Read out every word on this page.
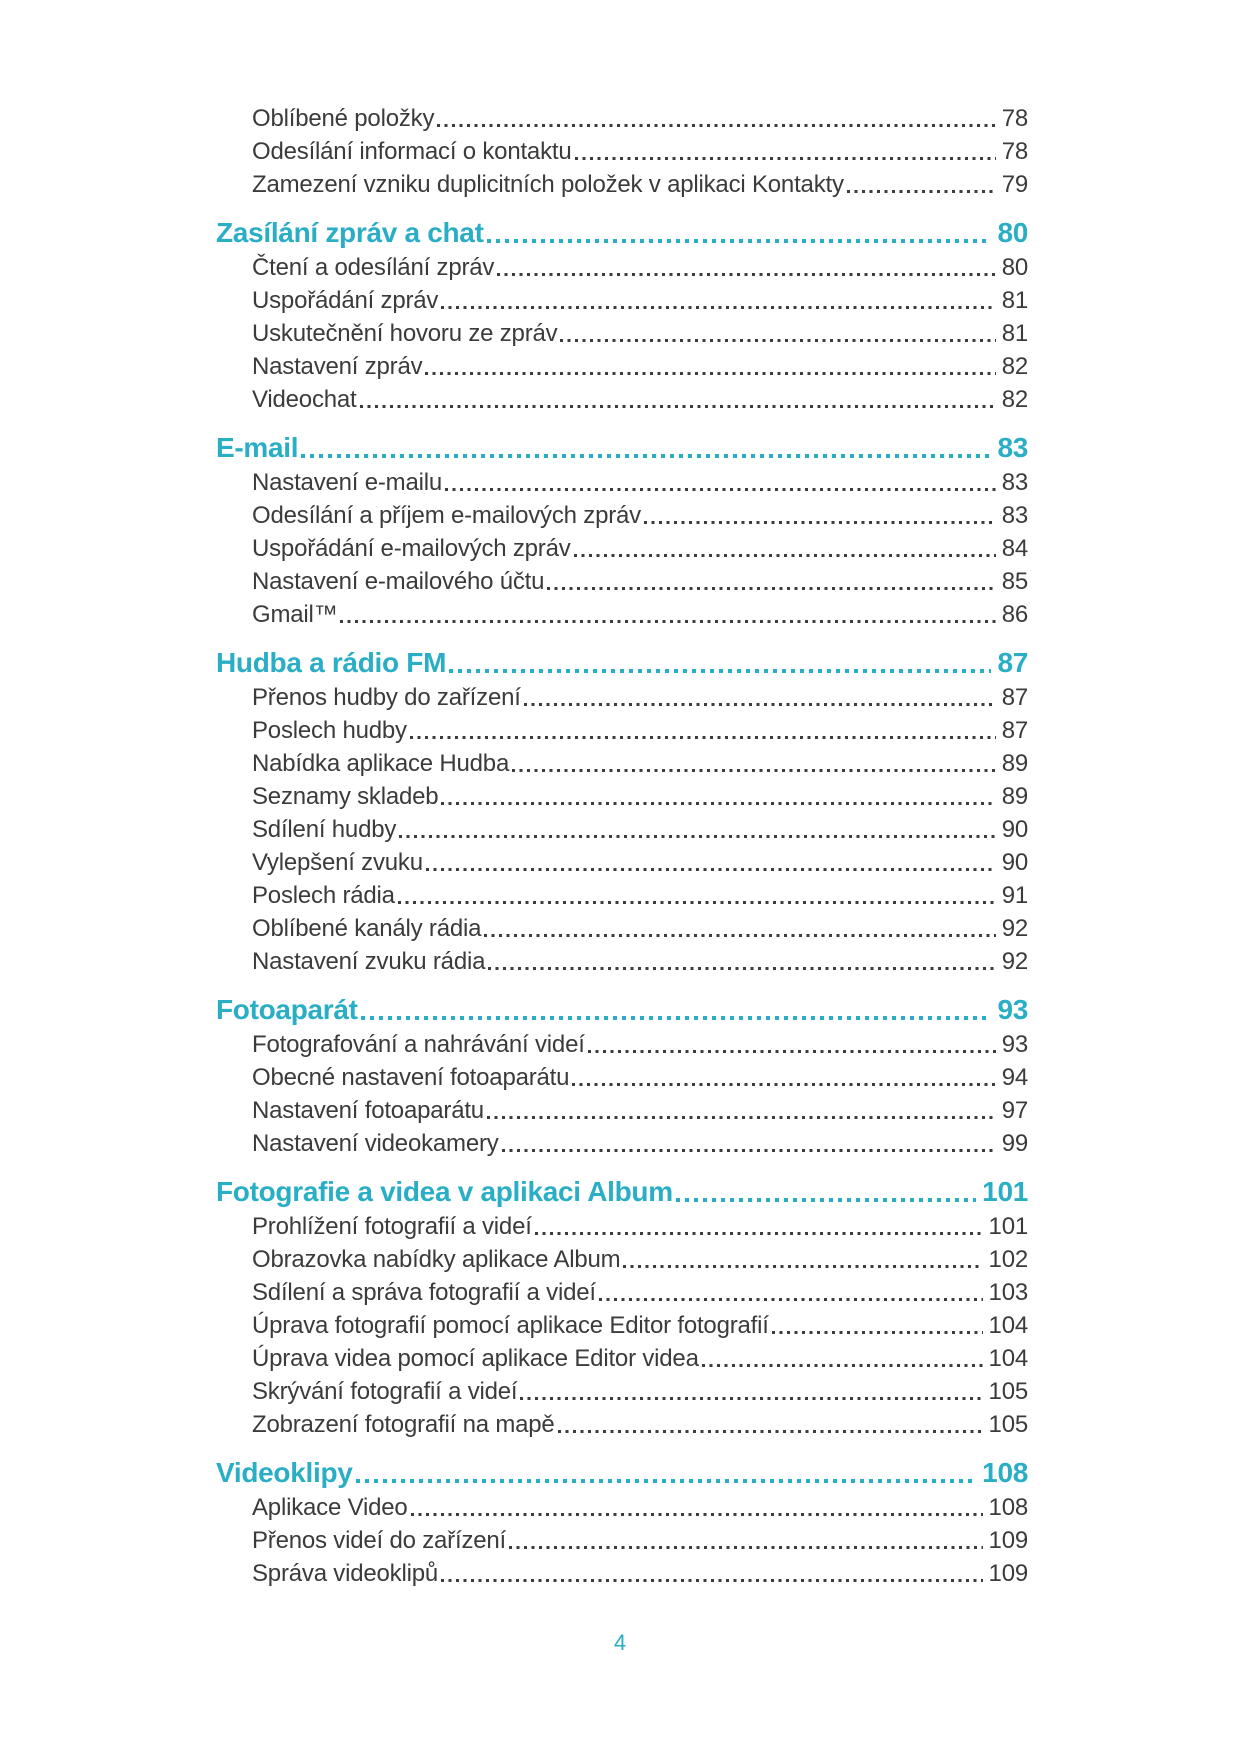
Oblíbené položky	78
Odesílání informací o kontaktu	78
Zamezení vzniku duplicitních položek v aplikaci Kontakty	79
Zasílání zpráv a chat	80
Čtení a odesílání zpráv	80
Uspořádání zpráv	81
Uskutečnění hovoru ze zpráv	81
Nastavení zpráv	82
Videochat	82
E-mail	83
Nastavení e-mailu	83
Odesílání a příjem e-mailových zpráv	83
Uspořádání e-mailových zpráv	84
Nastavení e-mailového účtu	85
Gmail™	86
Hudba a rádio FM	87
Přenos hudby do zařízení	87
Poslech hudby	87
Nabídka aplikace Hudba	89
Seznamy skladeb	89
Sdílení hudby	90
Vylepšení zvuku	90
Poslech rádia	91
Oblíbené kanály rádia	92
Nastavení zvuku rádia	92
Fotoaparát	93
Fotografování a nahrávání videí	93
Obecné nastavení fotoaparátu	94
Nastavení fotoaparátu	97
Nastavení videokamery	99
Fotografie a videa v aplikaci Album	101
Prohlížení fotografií a videí	101
Obrazovka nabídky aplikace Album	102
Sdílení a správa fotografií a videí	103
Úprava fotografií pomocí aplikace Editor fotografií	104
Úprava videa pomocí aplikace Editor videa	104
Skrývání fotografií a videí	105
Zobrazení fotografií na mapě	105
Videoklipy	108
Aplikace Video	108
Přenos videí do zařízení	109
Správa videoklipů	109
4
